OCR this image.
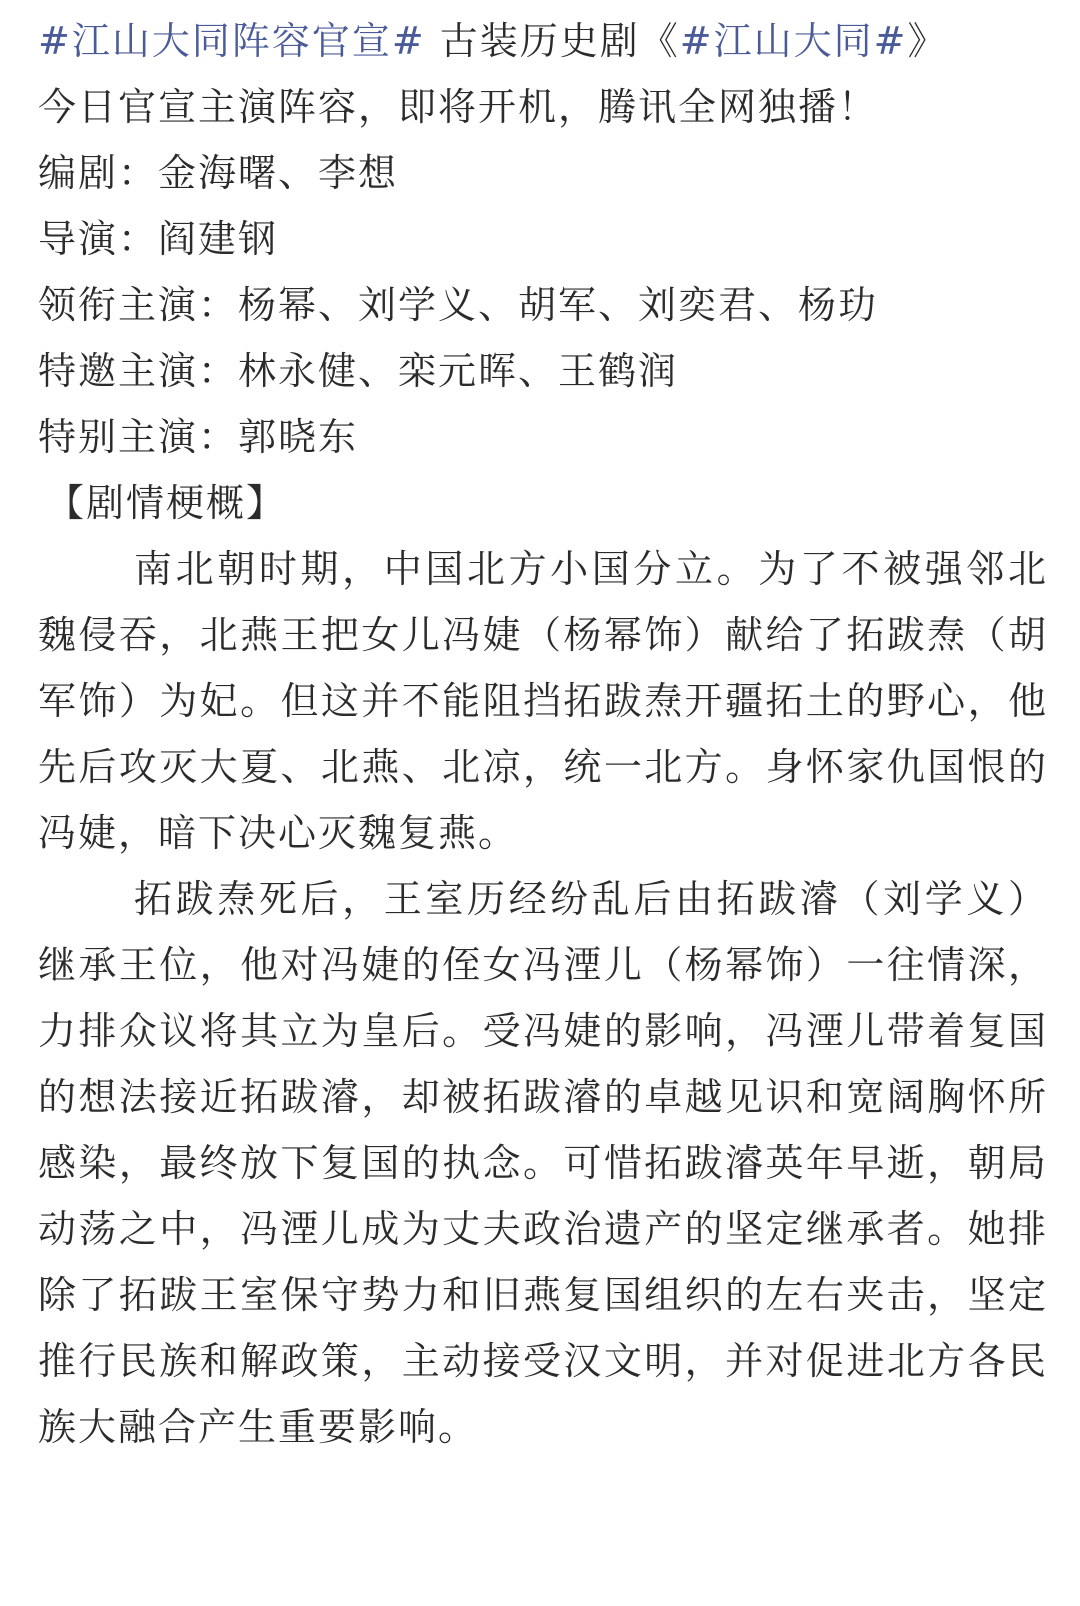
#江山大同阵容官宣# 古装历史剧《#江山大同#》

今日官宣主演阵容，即将开机，腾讯全网独播！

编剧：金海曙、李想

导演：阎建钢

领衔主演：杨幂、刘学义、胡军、刘奕君、杨玏

特邀主演：林永健、栾元晖、王鹤润

特别主演：郭晓东

【剧情梗概】

南北朝时期，中国北方小国分立。为了不被强邻北魏侵吞，北燕王把女儿冯婕（杨幂饰）献给了拓跋焘（胡军饰）为妃。但这并不能阻挡拓跋焘开疆拓土的野心，他先后攻灭大夏、北燕、北凉，统一北方。身怀家仇国恨的冯婕，暗下决心灭魏复燕。

拓跋焘死后，王室历经纷乱后由拓跋濬（刘学义）继承王位，他对冯婕的侄女冯湮儿（杨幂饰）一往情深，力排众议将其立为皇后。受冯婕的影响，冯湮儿带着复国的想法接近拓跋濬，却被拓跋濬的卓越见识和宽阔胸怀所感染，最终放下复国的执念。可惜拓跋濬英年早逝，朝局动荡之中，冯湮儿成为丈夫政治遗产的坚定继承者。她排除了拓跋王室保守势力和旧燕复国组织的左右夹击，坚定推行民族和解政策，主动接受汉文明，并对促进北方各民族大融合产生重要影响。
